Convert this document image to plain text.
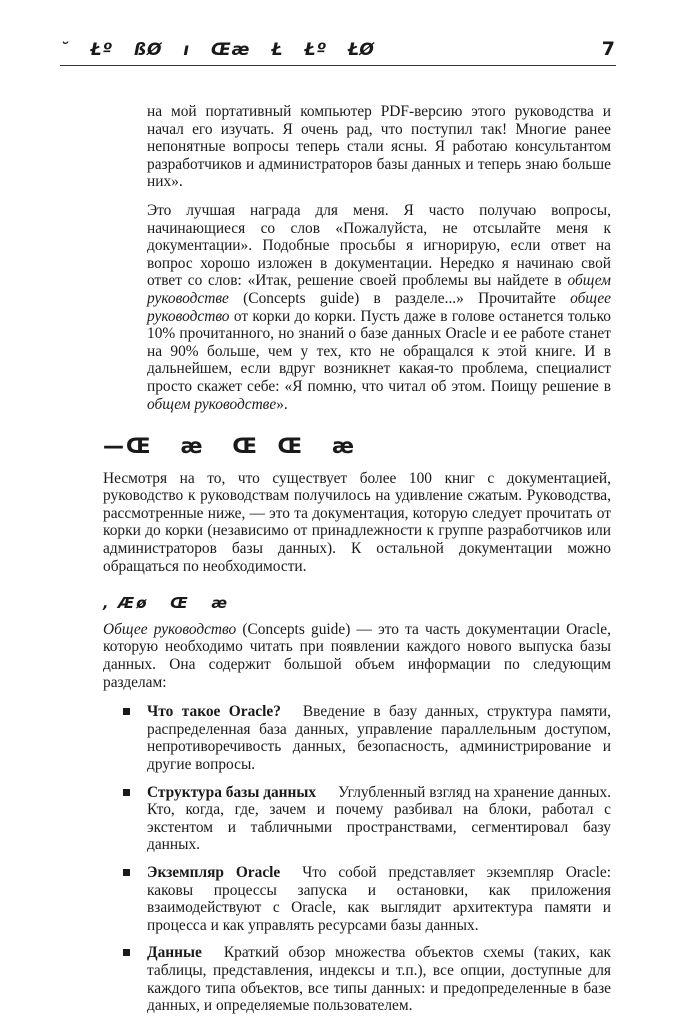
˘   Łº   ßØ   ı   Œæ   Ł   Łº   ŁØ	7

на мой портативный компьютер PDF-версию этого руководства и начал его изучать. Я очень рад, что поступил так! Многие ранее непонятные вопросы теперь стали ясны. Я работаю консультантом разработчиков и администраторов базы данных и теперь знаю больше них».

Это лучшая награда для меня. Я часто получаю вопросы, начинающиеся со слов «Пожалуйста, не отсылайте меня к документации». Подобные просьбы я игнорирую, если ответ на вопрос хорошо изложен в документации. Нередко я начинаю свой ответ со слов: «Итак, решение своей проблемы вы найдете в общем руководстве (Concepts guide) в разделе...» Прочитайте общее руководство от корки до корки. Пусть даже в голове останется только 10% прочитанного, но знаний о базе данных Oracle и ее работе станет на 90% больше, чем у тех, кто не обращался к этой книге. И в дальнейшем, если вдруг возникнет какая-то проблема, специалист просто скажет себе: «Я помню, что читал об этом. Поищу решение в общем руководстве».

—Œ   æ   Œ  Œ   æ

Несмотря на то, что существует более 100 книг с документацией, руководство к руководствам получилось на удивление сжатым. Руководства, рассмотренные ниже, — это та документация, которую следует прочитать от корки до корки (независимо от принадлежности к группе разработчиков или администраторов базы данных). К остальной документации можно обращаться по необходимости.

‚ Æø   Œ   æ

Общее руководство (Concepts guide) — это та часть документации Oracle, которую необходимо читать при появлении каждого нового выпуска базы данных. Она содержит большой объем информации по следующим разделам:

Что такое Oracle? Введение в базу данных, структура памяти, распределенная база данных, управление параллельным доступом, непротиворечивость данных, безопасность, администрирование и другие вопросы.
Структура базы данных Углубленный взгляд на хранение данных. Кто, когда, где, зачем и почему разбивал на блоки, работал с экстентом и табличными пространствами, сегментировал базу данных.
Экземпляр Oracle Что собой представляет экземпляр Oracle: каковы процессы запуска и остановки, как приложения взаимодействуют с Oracle, как выглядит архитектура памяти и процесса и как управлять ресурсами базы данных.
Данные Краткий обзор множества объектов схемы (таких, как таблицы, представления, индексы и т.п.), все опции, доступные для каждого типа объектов, все типы данных: и предопределенные в базе данных, и определяемые пользователем.
